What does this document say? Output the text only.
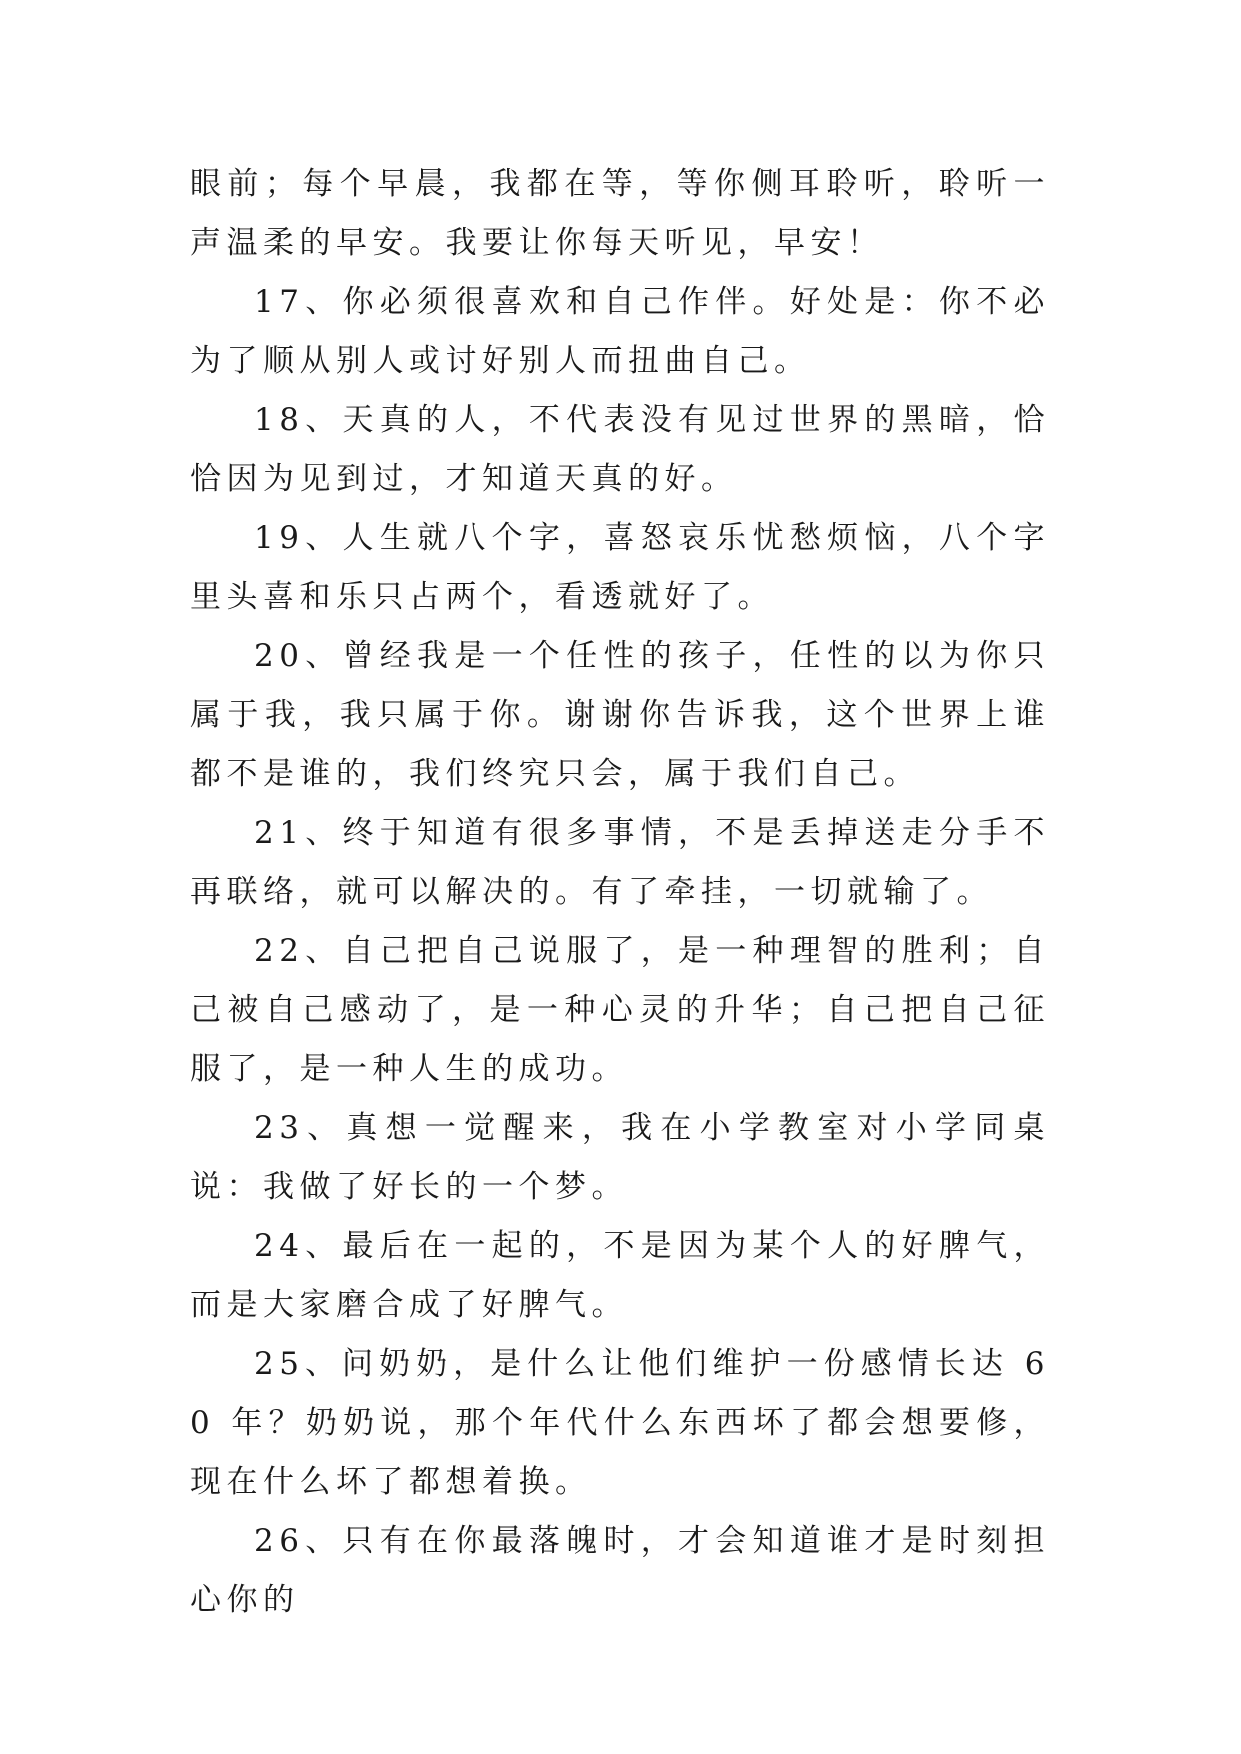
眼前；每个早晨，我都在等，等你侧耳聆听，聆听一声温柔的早安。我要让你每天听见，早安！

17、你必须很喜欢和自己作伴。好处是：你不必为了顺从别人或讨好别人而扭曲自己。

18、天真的人，不代表没有见过世界的黑暗，恰恰因为见到过，才知道天真的好。

19、人生就八个字，喜怒哀乐忧愁烦恼，八个字里头喜和乐只占两个，看透就好了。

20、曾经我是一个任性的孩子，任性的以为你只属于我，我只属于你。谢谢你告诉我，这个世界上谁都不是谁的，我们终究只会，属于我们自己。

21、终于知道有很多事情，不是丢掉送走分手不再联络，就可以解决的。有了牵挂，一切就输了。

22、自己把自己说服了，是一种理智的胜利；自己被自己感动了，是一种心灵的升华；自己把自己征服了，是一种人生的成功。

23、真想一觉醒来，我在小学教室对小学同桌说：我做了好长的一个梦。

24、最后在一起的，不是因为某个人的好脾气，而是大家磨合成了好脾气。

25、问奶奶，是什么让他们维护一份感情长达 60 年？奶奶说，那个年代什么东西坏了都会想要修，现在什么坏了都想着换。

26、只有在你最落魄时，才会知道谁才是时刻担心你的
